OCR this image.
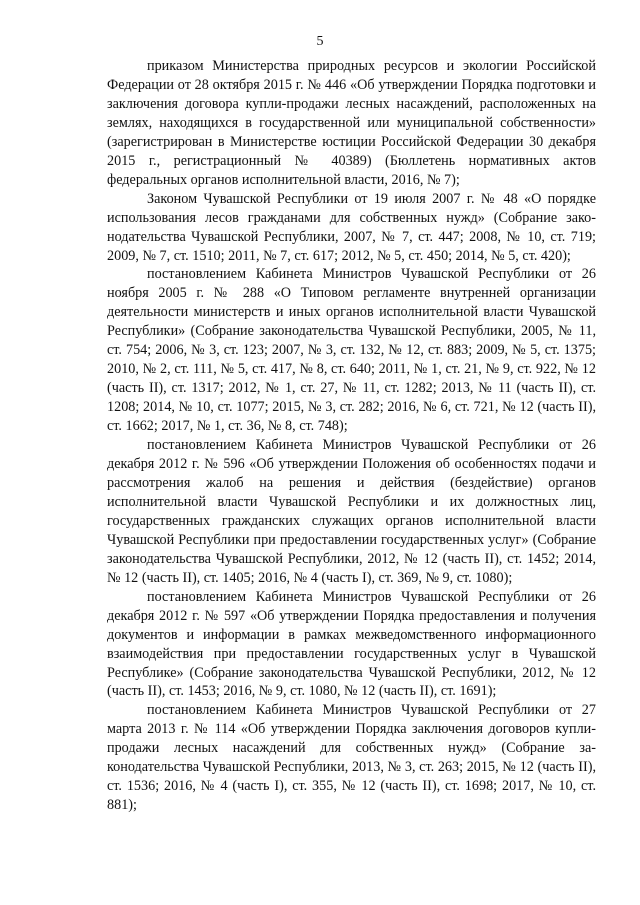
5

приказом Министерства природных ресурсов и экологии Российской Федерации от 28 октября 2015 г. № 446 «Об утверждении Порядка подготовки и заключения договора купли-продажи лесных насаждений, расположенных на землях, находящихся в государственной или муниципальной собственности» (зарегистрирован в Министерстве юстиции Российской Федерации 30 декабря 2015 г., регистрационный № 40389) (Бюллетень нормативных актов федеральных органов исполнительной власти, 2016, № 7);

Законом Чувашской Республики от 19 июля 2007 г. № 48 «О порядке использования лесов гражданами для собственных нужд» (Собрание законодательства Чувашской Республики, 2007, № 7, ст. 447; 2008, № 10, ст. 719; 2009, № 7, ст. 1510; 2011, № 7, ст. 617; 2012, № 5, ст. 450; 2014, № 5, ст. 420);

постановлением Кабинета Министров Чувашской Республики от 26 ноября 2005 г. № 288 «О Типовом регламенте внутренней организации деятельности министерств и иных органов исполнительной власти Чувашской Республики» (Собрание законодательства Чувашской Республики, 2005, № 11, ст. 754; 2006, № 3, ст. 123; 2007, № 3, ст. 132, № 12, ст. 883; 2009, № 5, ст. 1375; 2010, № 2, ст. 111, № 5, ст. 417, № 8, ст. 640; 2011, № 1, ст. 21, № 9, ст. 922, № 12 (часть II), ст. 1317; 2012, № 1, ст. 27, № 11, ст. 1282; 2013, № 11 (часть II), ст. 1208; 2014, № 10, ст. 1077; 2015, № 3, ст. 282; 2016, № 6, ст. 721, № 12 (часть II), ст. 1662; 2017, № 1, ст. 36, № 8, ст. 748);

постановлением Кабинета Министров Чувашской Республики от 26 декабря 2012 г. № 596 «Об утверждении Положения об особенностях подачи и рассмотрения жалоб на решения и действия (бездействие) органов исполнительной власти Чувашской Республики и их должностных лиц, государственных гражданских служащих органов исполнительной власти Чувашской Республики при предоставлении государственных услуг» (Собрание законодательства Чувашской Республики, 2012, № 12 (часть II), ст. 1452; 2014, № 12 (часть II), ст. 1405; 2016, № 4 (часть I), ст. 369, № 9, ст. 1080);

постановлением Кабинета Министров Чувашской Республики от 26 декабря 2012 г. № 597 «Об утверждении Порядка предоставления и получения документов и информации в рамках межведомственного информационного взаимодействия при предоставлении государственных услуг в Чувашской Республике» (Собрание законодательства Чувашской Республики, 2012, № 12 (часть II), ст. 1453; 2016, № 9, ст. 1080, № 12 (часть II), ст. 1691);

постановлением Кабинета Министров Чувашской Республики от 27 марта 2013 г. № 114 «Об утверждении Порядка заключения договоров купли-продажи лесных насаждений для собственных нужд» (Собрание законодательства Чувашской Республики, 2013, № 3, ст. 263; 2015, № 12 (часть II), ст. 1536; 2016, № 4 (часть I), ст. 355, № 12 (часть II), ст. 1698; 2017, № 10, ст. 881);
